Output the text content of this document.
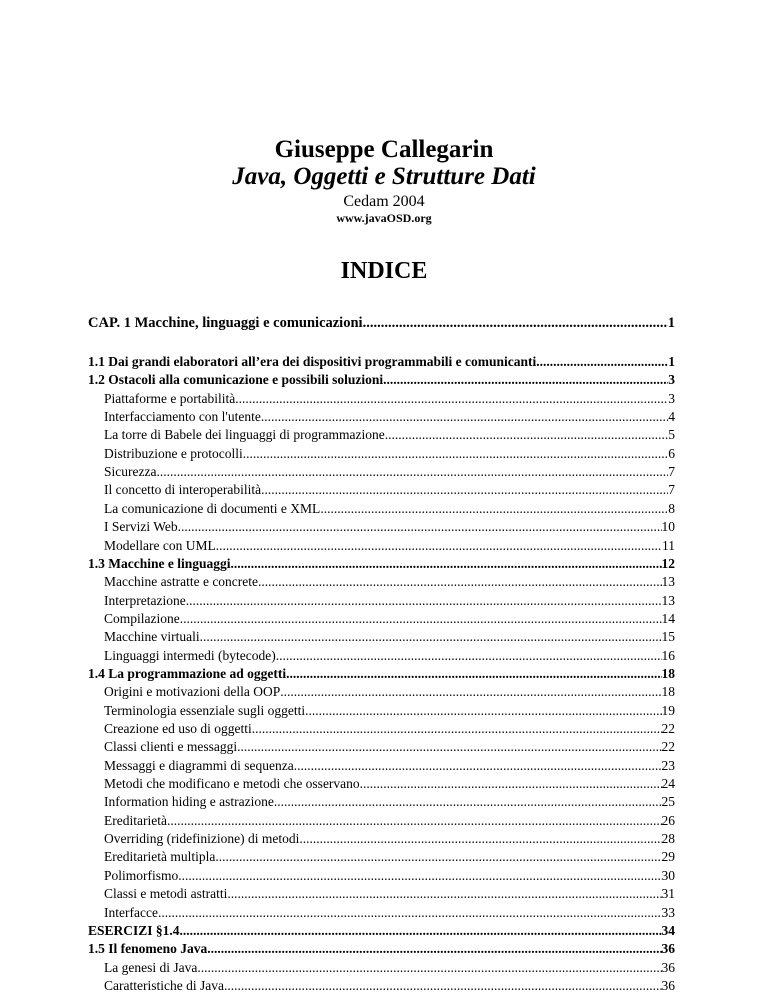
Giuseppe Callegarin
Java, Oggetti e Strutture Dati
Cedam 2004
www.javaOSD.org
INDICE
CAP. 1 Macchine, linguaggi e comunicazioni .....	1
1.1 Dai grandi elaboratori all’era dei dispositivi programmabili e comunicanti .....	1
1.2 Ostacoli alla comunicazione e possibili soluzioni .....	3
Piattaforme e portabilità .....	3
Interfacciamento con l'utente .....	4
La torre di Babele dei linguaggi di programmazione .....	5
Distribuzione e protocolli .....	6
Sicurezza .....	7
Il concetto di interoperabilità .....	7
La comunicazione di documenti e XML .....	8
I Servizi Web .....	10
Modellare con UML .....	11
1.3 Macchine e linguaggi .....	12
Macchine astratte e concrete .....	13
Interpretazione .....	13
Compilazione .....	14
Macchine virtuali .....	15
Linguaggi intermedi (bytecode) .....	16
1.4 La programmazione ad oggetti .....	18
Origini e motivazioni della OOP .....	18
Terminologia essenziale sugli oggetti .....	19
Creazione ed uso di oggetti .....	22
Classi clienti e messaggi .....	22
Messaggi e diagrammi di sequenza .....	23
Metodi che modificano e metodi che osservano .....	24
Information hiding e astrazione .....	25
Ereditarietà .....	26
Overriding (ridefinizione) di metodi .....	28
Ereditarietà multipla .....	29
Polimorfismo .....	30
Classi e metodi astratti .....	31
Interfacce .....	33
ESERCIZI §1.4 .....	34
1.5 Il fenomeno Java .....	36
La genesi di Java .....	36
Caratteristiche di Java .....	36
